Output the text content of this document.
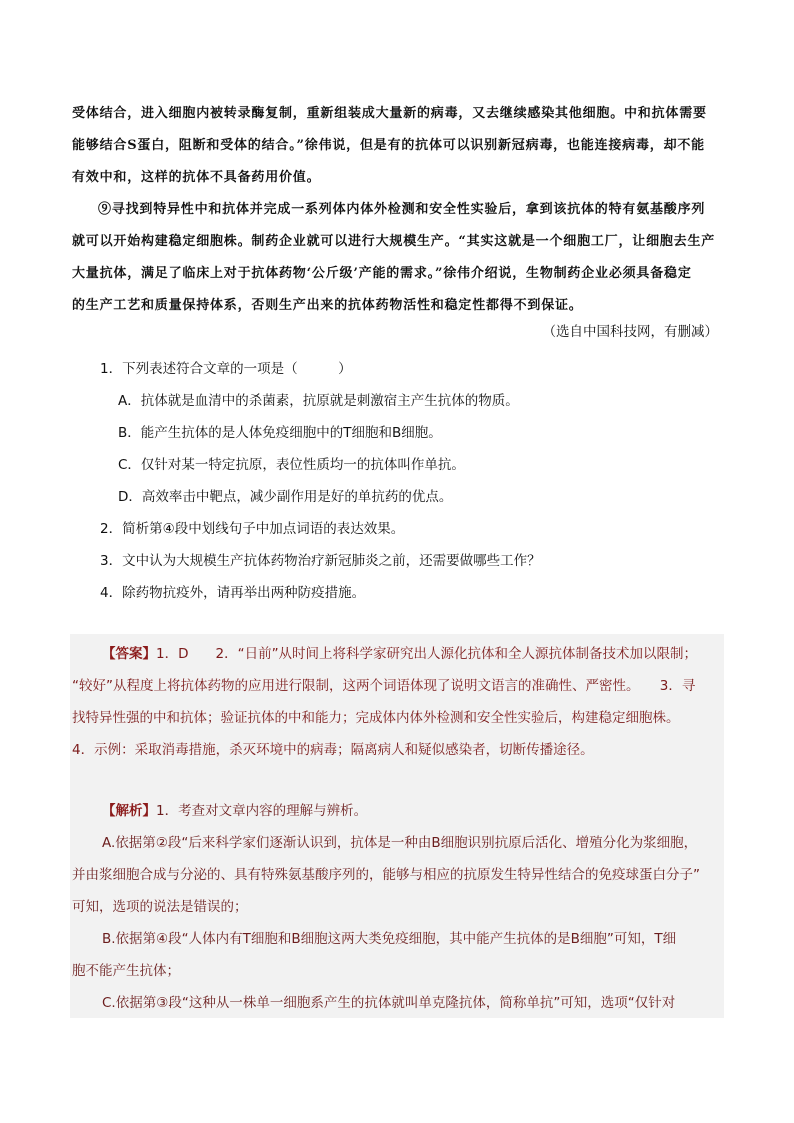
受体结合，进入细胞内被转录酶复制，重新组装成大量新的病毒，又去继续感染其他细胞。中和抗体需要

能够结合S蛋白，阻断和受体的结合。”徐伟说，但是有的抗体可以识别新冠病毒，也能连接病毒，却不能

有效中和，这样的抗体不具备药用价值。

⑨寻找到特异性中和抗体并完成一系列体内体外检测和安全性实验后，拿到该抗体的特有氨基酸序列

就可以开始构建稳定细胞株。制药企业就可以进行大规模生产。“其实这就是一个细胞工厂，让细胞去生产

大量抗体，满足了临床上对于抗体药物‘公斤级’产能的需求。”徐伟介绍说，生物制药企业必须具备稳定

的生产工艺和质量保持体系，否则生产出来的抗体药物活性和稳定性都得不到保证。

（选自中国科技网，有删减）

1．下列表述符合文章的一项是（　　　）

A．抗体就是血清中的杀菌素，抗原就是刺激宿主产生抗体的物质。

B．能产生抗体的是人体免疫细胞中的T细胞和B细胞。

C．仅针对某一特定抗原，表位性质均一的抗体叫作单抗。

D．高效率击中靶点，减少副作用是好的单抗药的优点。

2．简析第④段中划线句子中加点词语的表达效果。

3．文中认为大规模生产抗体药物治疗新冠肺炎之前，还需要做哪些工作？

4．除药物抗疫外，请再举出两种防疫措施。

【答案】1．D　　2．“日前”从时间上将科学家研究出人源化抗体和全人源抗体制备技术加以限制；

“较好”从程度上将抗体药物的应用进行限制，这两个词语体现了说明文语言的准确性、严密性。　　3．寻

找特异性强的中和抗体；验证抗体的中和能力；完成体内体外检测和安全性实验后，构建稳定细胞株。

4．示例：采取消毒措施，杀灭环境中的病毒；隔离病人和疑似感染者，切断传播途径。

【解析】1．考查对文章内容的理解与辨析。

A.依据第②段“后来科学家们逐渐认识到，抗体是一种由B细胞识别抗原后活化、增殖分化为浆细胞，

并由浆细胞合成与分泌的、具有特殊氨基酸序列的，能够与相应的抗原发生特异性结合的免疫球蛋白分子”

可知，选项的说法是错误的；

B.依据第④段“人体内有T细胞和B细胞这两大类免疫细胞，其中能产生抗体的是B细胞”可知，T细

胞不能产生抗体；

C.依据第③段“这种从一株单一细胞系产生的抗体就叫单克隆抗体，简称单抗”可知，选项“仅针对
